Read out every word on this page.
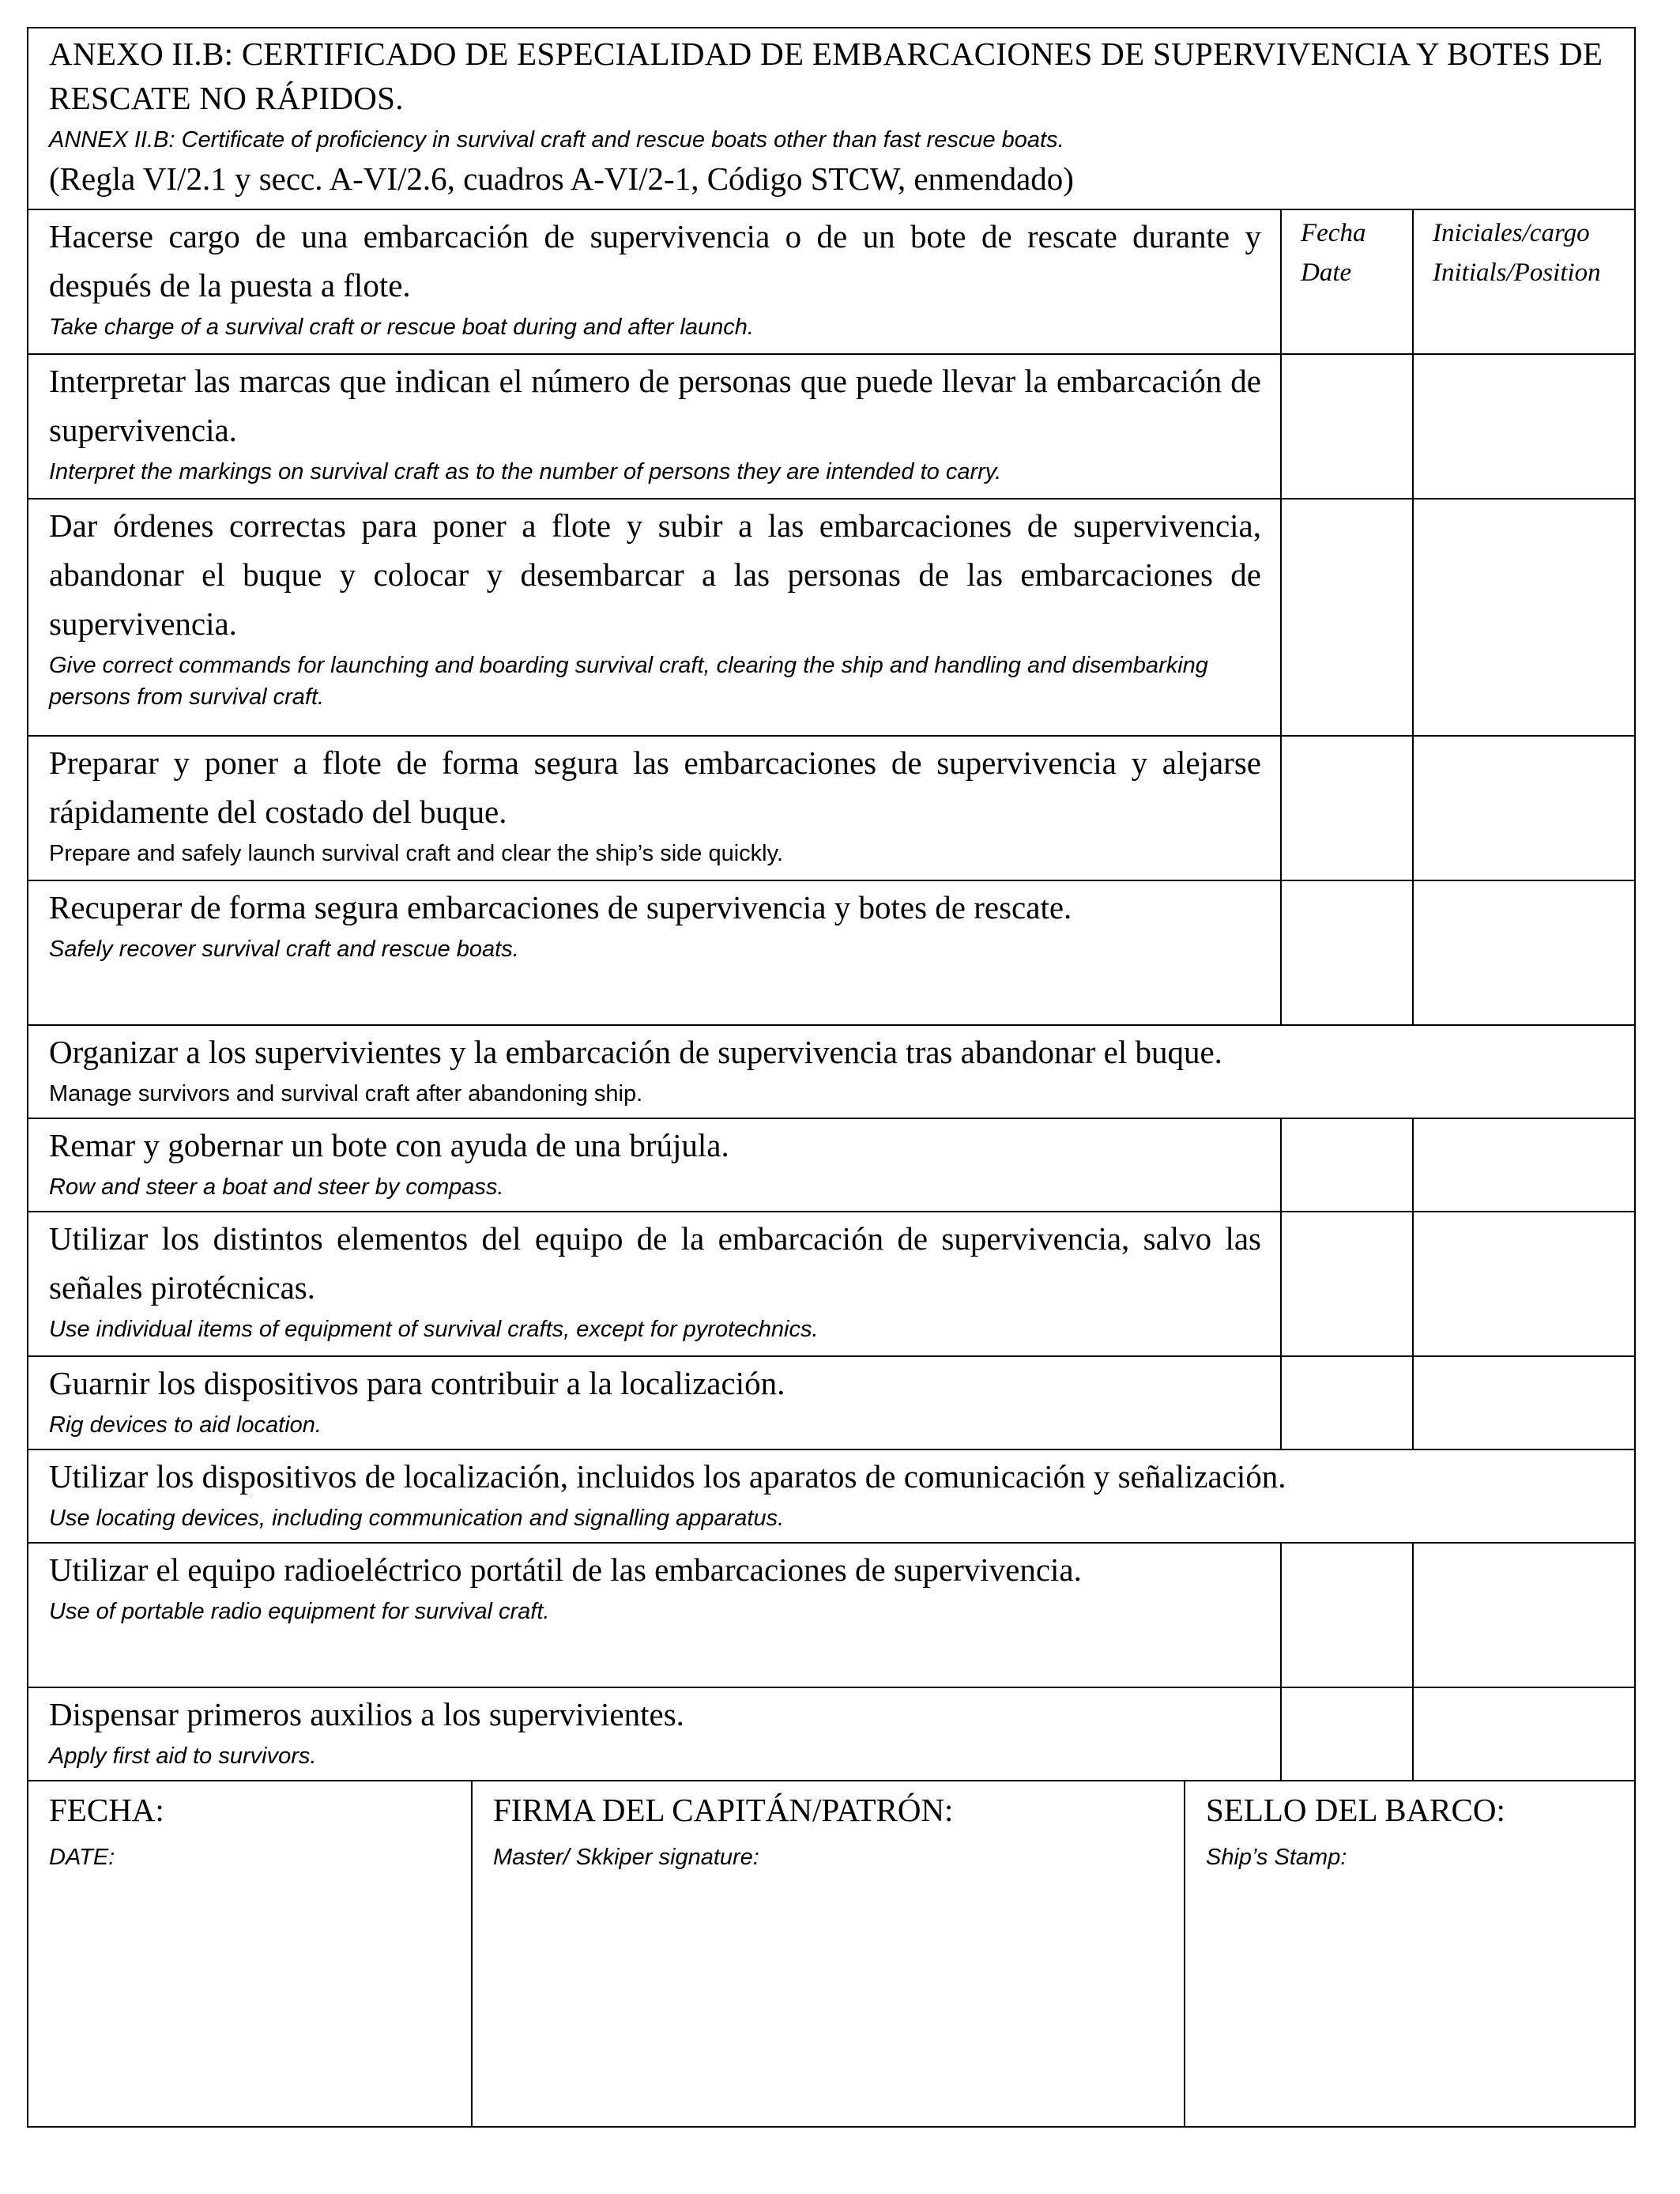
ANEXO II.B: CERTIFICADO DE ESPECIALIDAD DE EMBARCACIONES DE SUPERVIVENCIA Y BOTES DE RESCATE NO RÁPIDOS.
ANNEX II.B: Certificate of proficiency in survival craft and rescue boats other than fast rescue boats.
(Regla VI/2.1 y secc. A-VI/2.6, cuadros A-VI/2-1, Código STCW, enmendado)
Hacerse cargo de una embarcación de supervivencia o de un bote de rescate durante y después de la puesta a flote.
Take charge of a survival craft or rescue boat during and after launch.
Fecha
Date
Iniciales/cargo
Initials/Position
Interpretar las marcas que indican el número de personas que puede llevar la embarcación de supervivencia.
Interpret the markings on survival craft as to the number of persons they are intended to carry.
Dar órdenes correctas para poner a flote y subir a las embarcaciones de supervivencia, abandonar el buque y colocar y desembarcar a las personas de las embarcaciones de supervivencia.
Give correct commands for launching and boarding survival craft, clearing the ship and handling and disembarking persons from survival craft.
Preparar y poner a flote de forma segura las embarcaciones de supervivencia y alejarse rápidamente del costado del buque.
Prepare and safely launch survival craft and clear the ship’s side quickly.
Recuperar de forma segura embarcaciones de supervivencia y botes de rescate.
Safely recover survival craft and rescue boats.
Organizar a los supervivientes y la embarcación de supervivencia tras abandonar el buque.
Manage survivors and survival craft after abandoning ship.
Remar y gobernar un bote con ayuda de una brújula.
Row and steer a boat and steer by compass.
Utilizar los distintos elementos del equipo de la embarcación de supervivencia, salvo las señales pirotécnicas.
Use individual items of equipment of survival crafts, except for pyrotechnics.
Guarnir los dispositivos para contribuir a la localización.
Rig devices to aid location.
Utilizar los dispositivos de localización, incluidos los aparatos de comunicación y señalización.
Use locating devices, including communication and signalling apparatus.
Utilizar el equipo radioeléctrico portátil de las embarcaciones de supervivencia.
Use of portable radio equipment for survival craft.
Dispensar primeros auxilios a los supervivientes.
Apply first aid to survivors.
FECHA:
DATE:
FIRMA DEL CAPITÁN/PATRÓN:
Master/ Skkiper signature:
SELLO DEL BARCO:
Ship’s Stamp:
